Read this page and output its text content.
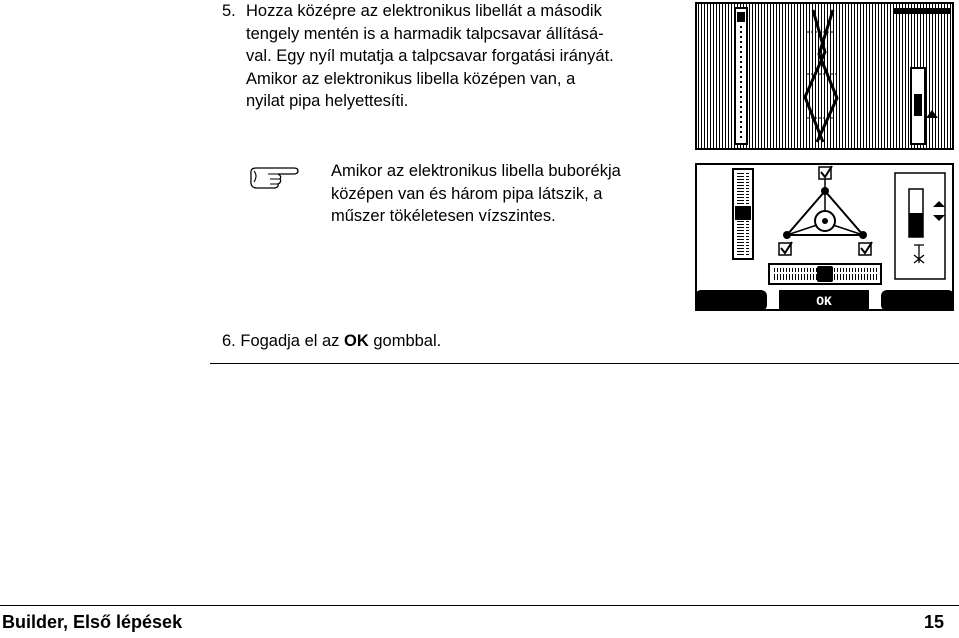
5. Hozza középre az elektronikus libellát a második
tengely mentén is a harmadik talpcsavar állításá-
val. Egy nyíl mutatja a talpcsavar forgatási irányát.
Amikor az elektronikus libella középen van, a
nyilat pipa helyettesíti.
Amikor az elektronikus libella buborékja
középen van és három pipa látszik, a
műszer tökéletesen vízszintes.
OK
6. Fogadja el az OK gombbal.
Builder, Első lépések	15
